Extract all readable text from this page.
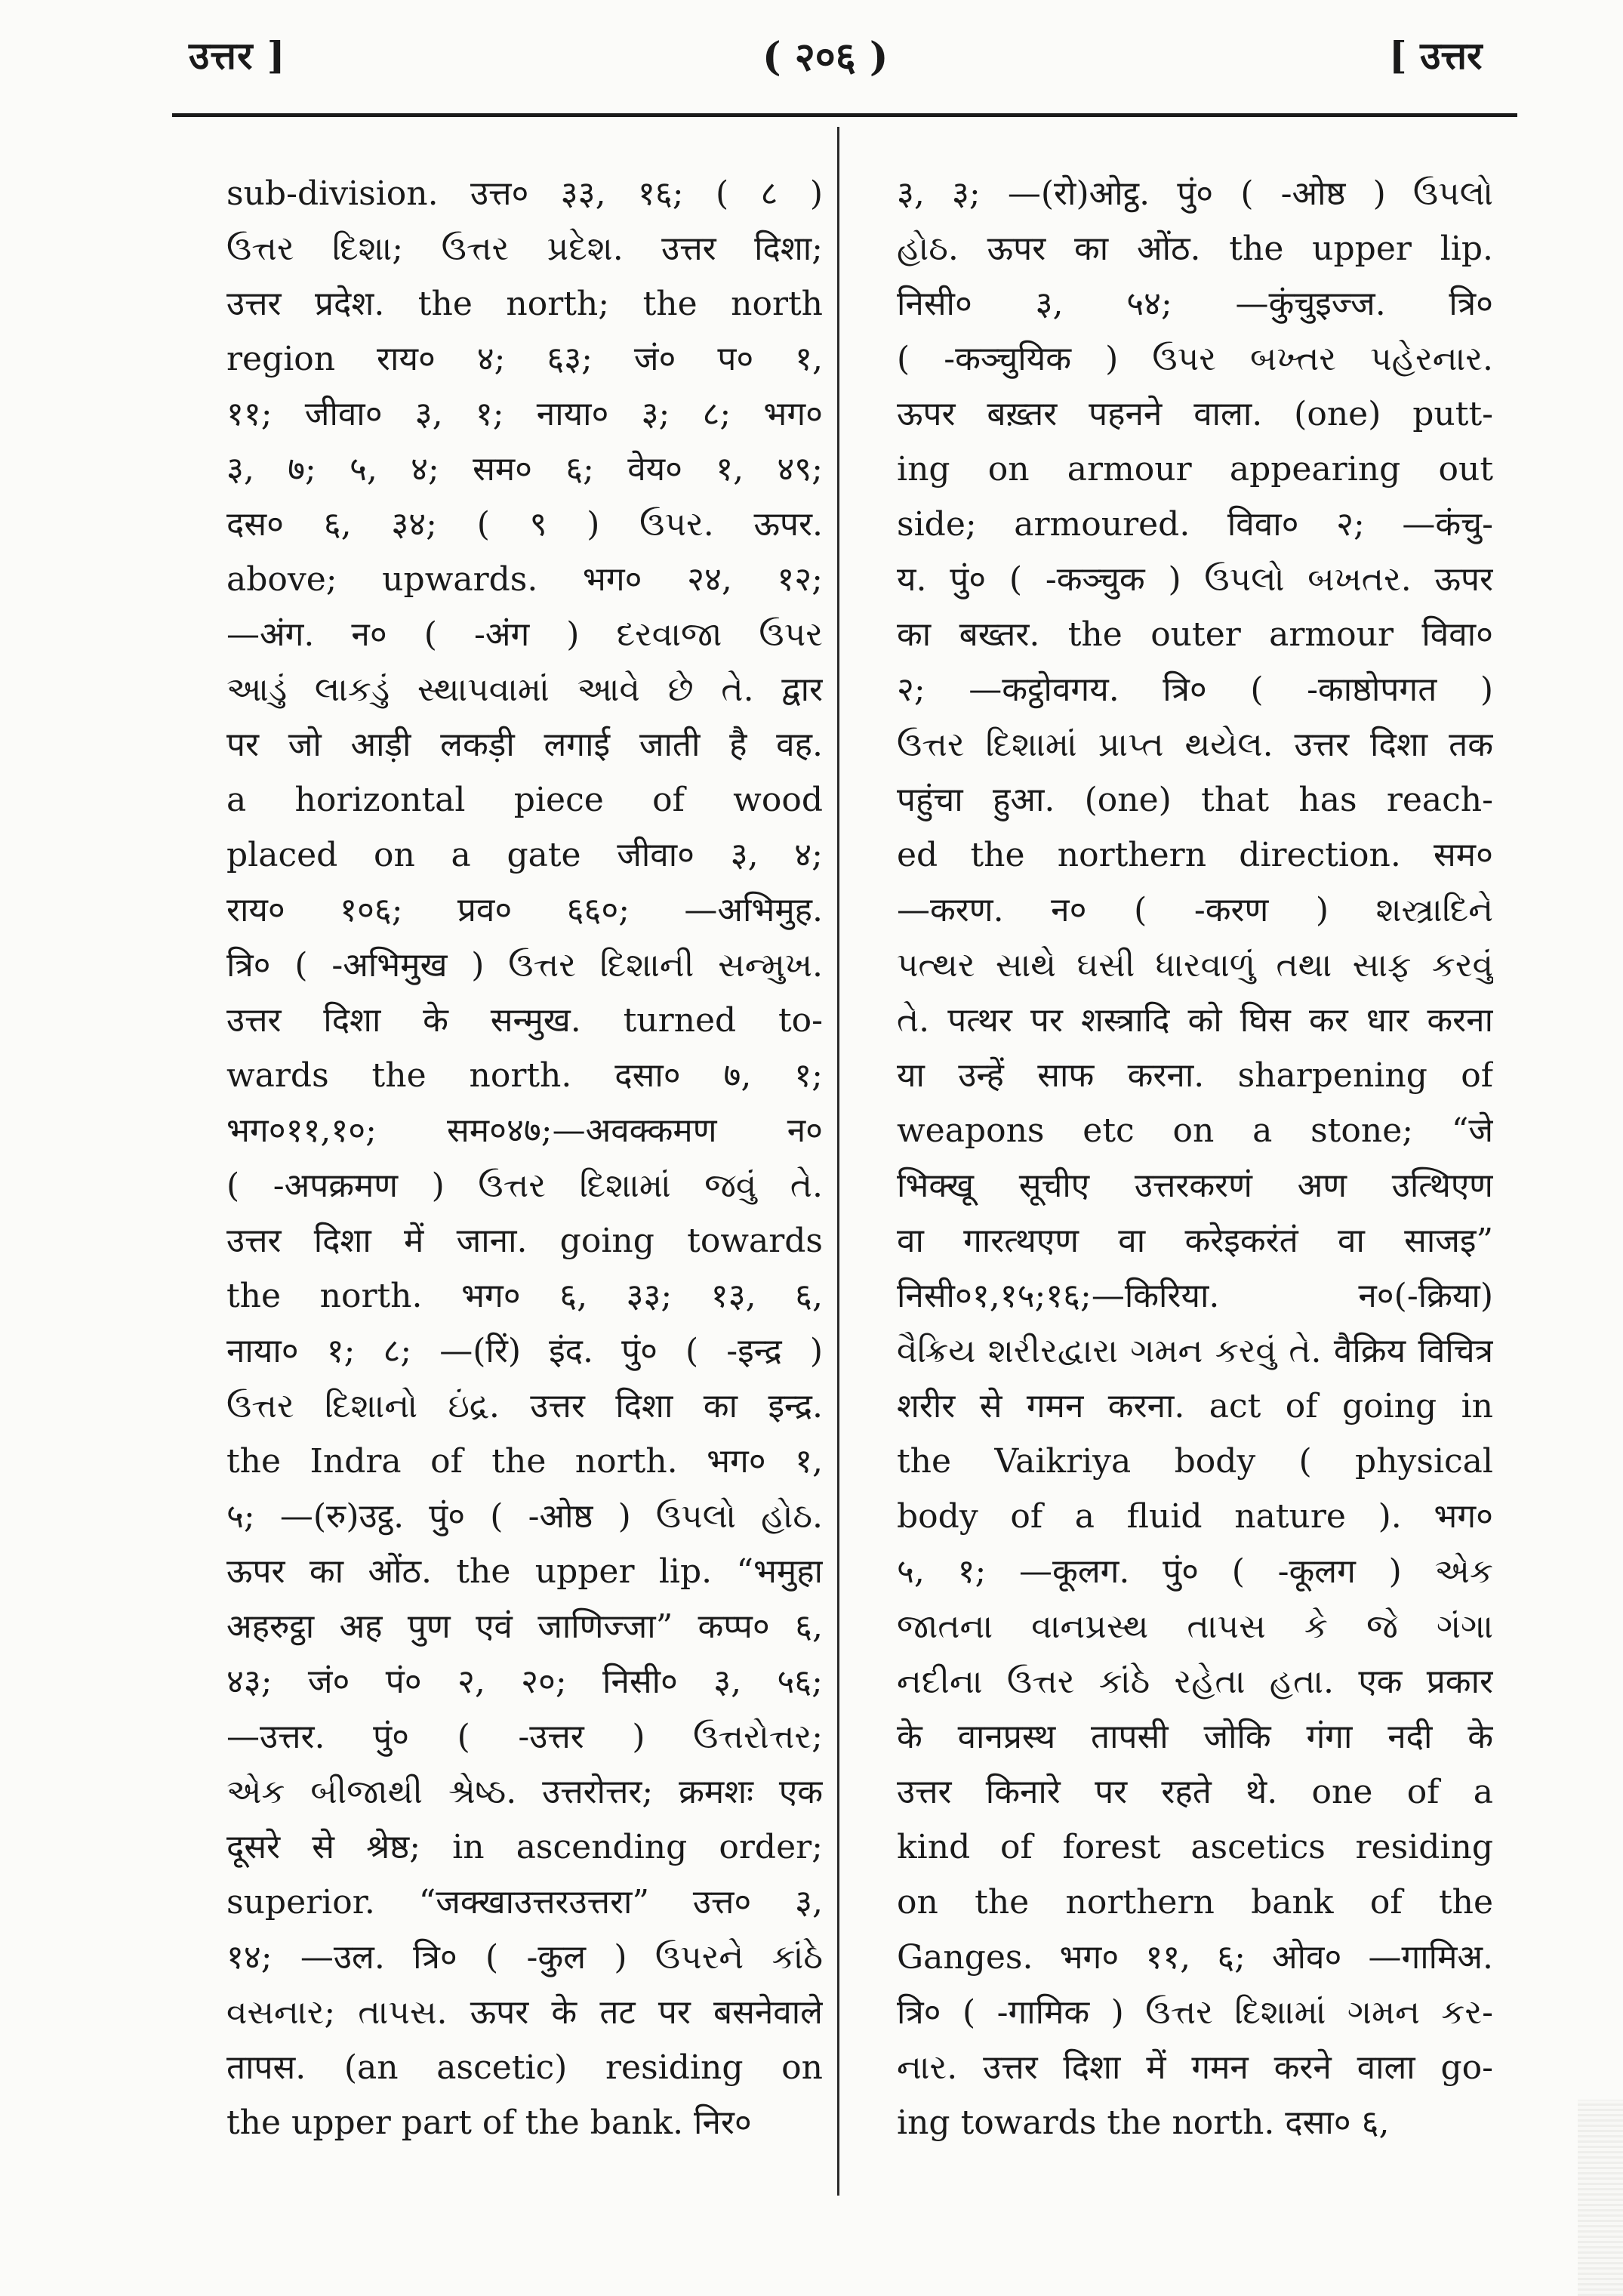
उत्तर ]	( २०६ )	[ उत्तर
sub-division. उत्त० ३३, १६; ( ८ )
ઉત્તર દિશા; ઉત્તર પ્રદેશ. उत्तर दिशा;
उत्तर प्रदेश. the north; the north
region राय० ४; ६३; जं० प० १,
११; जीवा० ३, १; नाया० ३; ८; भग०
३, ७; ५, ४; सम० ६; वेय० १, ४९;
दस० ६, ३४; ( ९ ) ઉપર. ऊपर.
above; upwards. भग० २४, १२;
—अंग. न० ( -अंग ) દરવાજા ઉપર
આડું લાકડું સ્થાપવામાં આવે છે તે. द्वार
पर जो आड़ी लकड़ी लगाई जाती है वह.
a horizontal piece of wood
placed on a gate जीवा० ३, ४;
राय० १०६; प्रव० ६६०; —अभिमुह.
त्रि० ( -अभिमुख ) ઉત્તર દિશાની સન્મુખ.
उत्तर दिशा के सन्मुख. turned to-
wards the north. दसा० ७, १;
भग०११,१०; सम०४७;—अवक्कमण न०
( -अपक्रमण ) ઉત્તર દિશામાં જવું તે.
उत्तर दिशा में जाना. going towards
the north. भग० ६, ३३; १३, ६,
नाया० १; ८; —(रिं) इंद. पुं० ( -इन्द्र )
ઉત્તર દિશાનો ઇંદ્ર. उत्तर दिशा का इन्द्र.
the Indra of the north. भग० १,
५; —(रु)उट्ठ. पुं० ( -ओष्ठ ) ઉપલો હોઠ.
ऊपर का ओंठ. the upper lip. “भमुहा
अहरुट्ठा अह पुण एवं जाणिज्जा” कप्प० ६,
४३; जं० पं० २, २०; निसी० ३, ५६;
—उत्तर. पुं० ( -उत्तर ) ઉત્તરોત્તર;
એક બીજાથી શ્રેષ્ઠ. उत्तरोत्तर; क्रमशः एक
दूसरे से श्रेष्ठ; in ascending order;
superior. “जक्खाउत्तरउत्तरा” उत्त० ३,
१४; —उल. त्रि० ( -कुल ) ઉપરને કાંઠે
વસનાર; તાપસ. ऊपर के तट पर बसनेवाले
तापस. (an ascetic) residing on
the upper part of the bank. निर०
३, ३; —(रो)ओट्ठ. पुं० ( -ओष्ठ ) ઉપલો
હોઠ. ऊपर का ओंठ. the upper lip.
निसी० ३, ५४; —कुंचुइज्ज. त्रि०
( -कञ्चुयिक ) ઉપર બખ્તર પહેરનાર.
ऊपर बख़्तर पहनने वाला. (one) putt-
ing on armour appearing out
side; armoured. विवा० २; —कंचु-
य. पुं० ( -कञ्चुक ) ઉપલો બખતર. ऊपर
का बख्तर. the outer armour विवा०
२; —कट्ठोवगय. त्रि० ( -काष्ठोपगत )
ઉત્તર દિશામાં પ્રાપ્ત થયેલ. उत्तर दिशा तक
पहुंचा हुआ. (one) that has reach-
ed the northern direction. सम०
—करण. न० ( -करण ) શસ્ત્રાદિને
પત્થર સાથે ઘસી ધારવાળું તથા સાફ કરવું
તે. पत्थर पर शस्त्रादि को घिस कर धार करना
या उन्हें साफ करना. sharpening of
weapons etc on a stone; “जे
भिक्खू सूचीए उत्तरकरणं अण उत्थिएण
वा गारत्थएण वा करेइकरंतं वा साजइ”
निसी०१,१५;१६;—किरिया. न०(-क्रिया)
વૈક્રિય શરીરદ્વારા ગમન કરવું તે. वैक्रिय विचित्र
शरीर से गमन करना. act of going in
the Vaikriya body ( physical
body of a fluid nature ). भग०
५, १; —कूलग. पुं० ( -कूलग ) એક
જાતના વાનપ્રસ્થ તાપસ કે જે ગંગા
નદીના ઉત્તર કાંઠે રહેતા હતા. एक प्रकार
के वानप्रस्थ तापसी जोकि गंगा नदी के
उत्तर किनारे पर रहते थे. one of a
kind of forest ascetics residing
on the northern bank of the
Ganges. भग० ११, ६; ओव० —गामिअ.
त्रि० ( -गामिक ) ઉત્તર દિશામાં ગમન કર-
નાર. उत्तर दिशा में गमन करने वाला go-
ing towards the north. दसा० ६,
